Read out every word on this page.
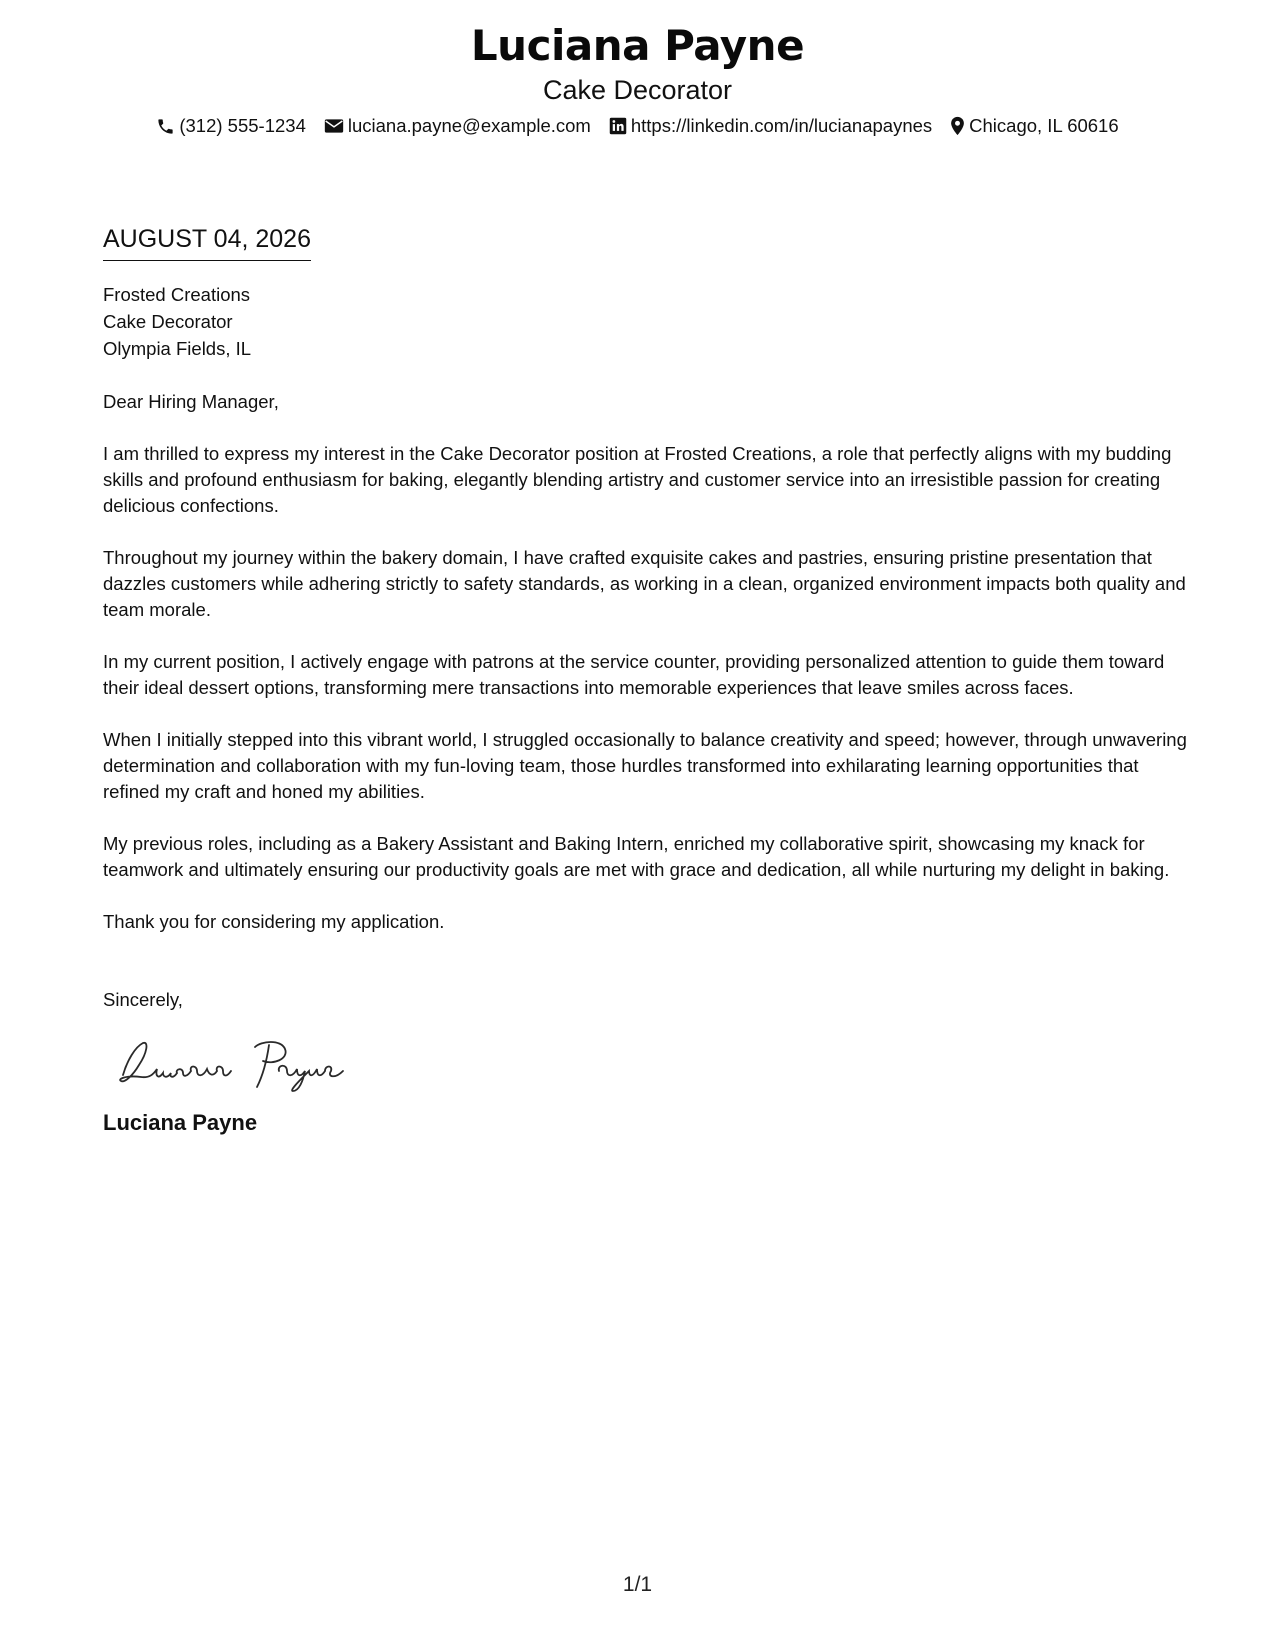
Luciana Payne
Cake Decorator
(312) 555-1234 luciana.payne@example.com https://linkedin.com/in/lucianapaynes Chicago, IL 60616
AUGUST 04, 2026
Frosted Creations
Cake Decorator
Olympia Fields, IL
Dear Hiring Manager,

I am thrilled to express my interest in the Cake Decorator position at Frosted Creations, a role that perfectly aligns with my budding skills and profound enthusiasm for baking, elegantly blending artistry and customer service into an irresistible passion for creating delicious confections.

Throughout my journey within the bakery domain, I have crafted exquisite cakes and pastries, ensuring pristine presentation that dazzles customers while adhering strictly to safety standards, as working in a clean, organized environment impacts both quality and team morale.

In my current position, I actively engage with patrons at the service counter, providing personalized attention to guide them toward their ideal dessert options, transforming mere transactions into memorable experiences that leave smiles across faces.

When I initially stepped into this vibrant world, I struggled occasionally to balance creativity and speed; however, through unwavering determination and collaboration with my fun-loving team, those hurdles transformed into exhilarating learning opportunities that refined my craft and honed my abilities.

My previous roles, including as a Bakery Assistant and Baking Intern, enriched my collaborative spirit, showcasing my knack for teamwork and ultimately ensuring our productivity goals are met with grace and dedication, all while nurturing my delight in baking.

Thank you for considering my application.

Sincerely,
Luciana Payne
1/1
